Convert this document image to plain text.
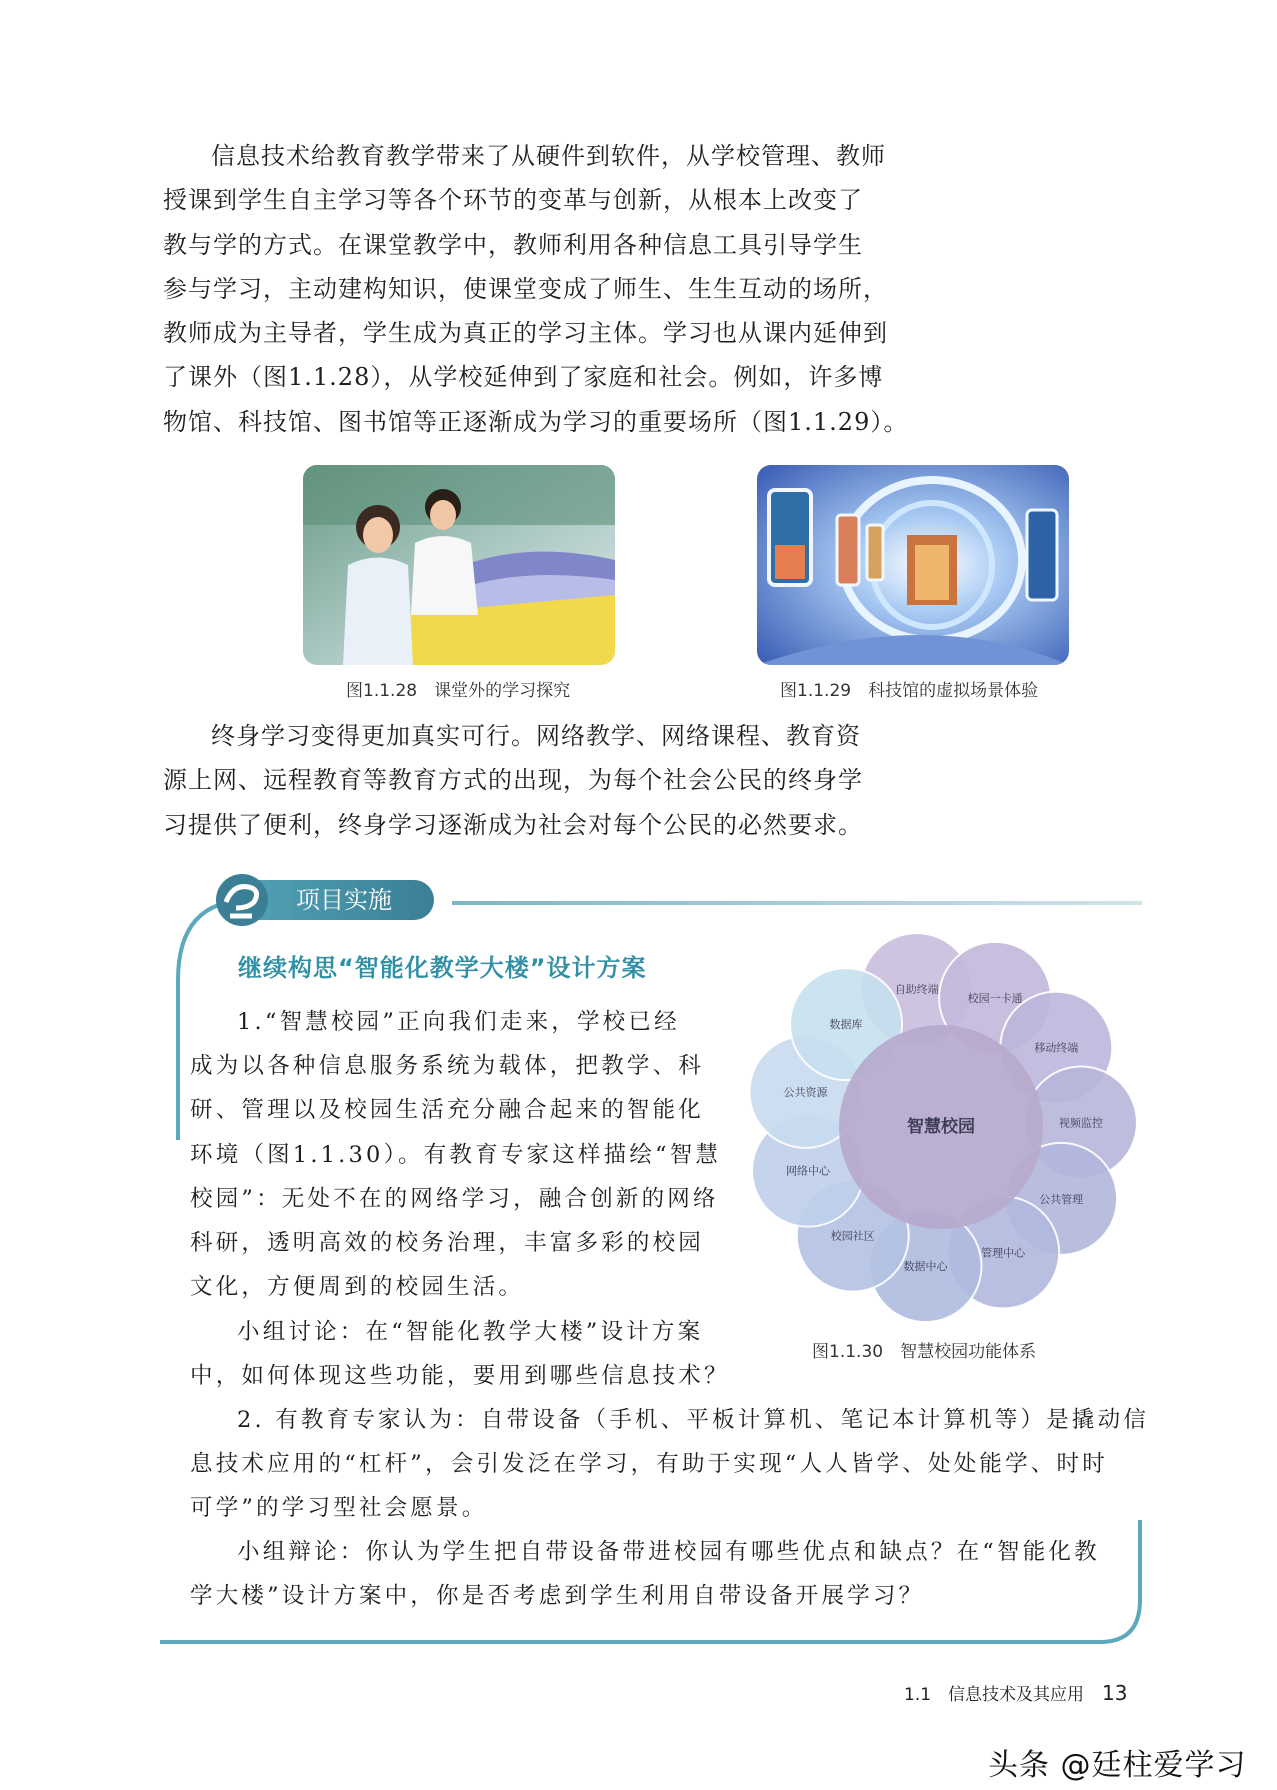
信息技术给教育教学带来了从硬件到软件，从学校管理、教师
授课到学生自主学习等各个环节的变革与创新，从根本上改变了
教与学的方式。在课堂教学中，教师利用各种信息工具引导学生
参与学习，主动建构知识，使课堂变成了师生、生生互动的场所，
教师成为主导者，学生成为真正的学习主体。学习也从课内延伸到
了课外（图1.1.28），从学校延伸到了家庭和社会。例如，许多博
物馆、科技馆、图书馆等正逐渐成为学习的重要场所（图1.1.29）。
图1.1.28　课堂外的学习探究	图1.1.29　科技馆的虚拟场景体验
终身学习变得更加真实可行。网络教学、网络课程、教育资
源上网、远程教育等教育方式的出现，为每个社会公民的终身学
习提供了便利，终身学习逐渐成为社会对每个公民的必然要求。
项目实施
继续构思“智能化教学大楼”设计方案
1.“智慧校园”正向我们走来，学校已经
成为以各种信息服务系统为载体，把教学、科
研、管理以及校园生活充分融合起来的智能化
环境（图1.1.30）。有教育专家这样描绘“智慧
校园”：无处不在的网络学习，融合创新的网络
科研，透明高效的校务治理，丰富多彩的校园
文化，方便周到的校园生活。
小组讨论：在“智能化教学大楼”设计方案
中，如何体现这些功能，要用到哪些信息技术？
2. 有教育专家认为：自带设备（手机、平板计算机、笔记本计算机等）是撬动信
息技术应用的“杠杆”，会引发泛在学习，有助于实现“人人皆学、处处能学、时时
可学”的学习型社会愿景。
小组辩论：你认为学生把自带设备带进校园有哪些优点和缺点？在“智能化教
学大楼”设计方案中，你是否考虑到学生利用自带设备开展学习？
自助终端
校园一卡通
移动终端
视频监控
公共管理
管理中心
数据中心
校园社区
网络中心
公共资源
数据库
智慧校园
图1.1.30　智慧校园功能体系
1.1　信息技术及其应用 13
头条 @廷柱爱学习
